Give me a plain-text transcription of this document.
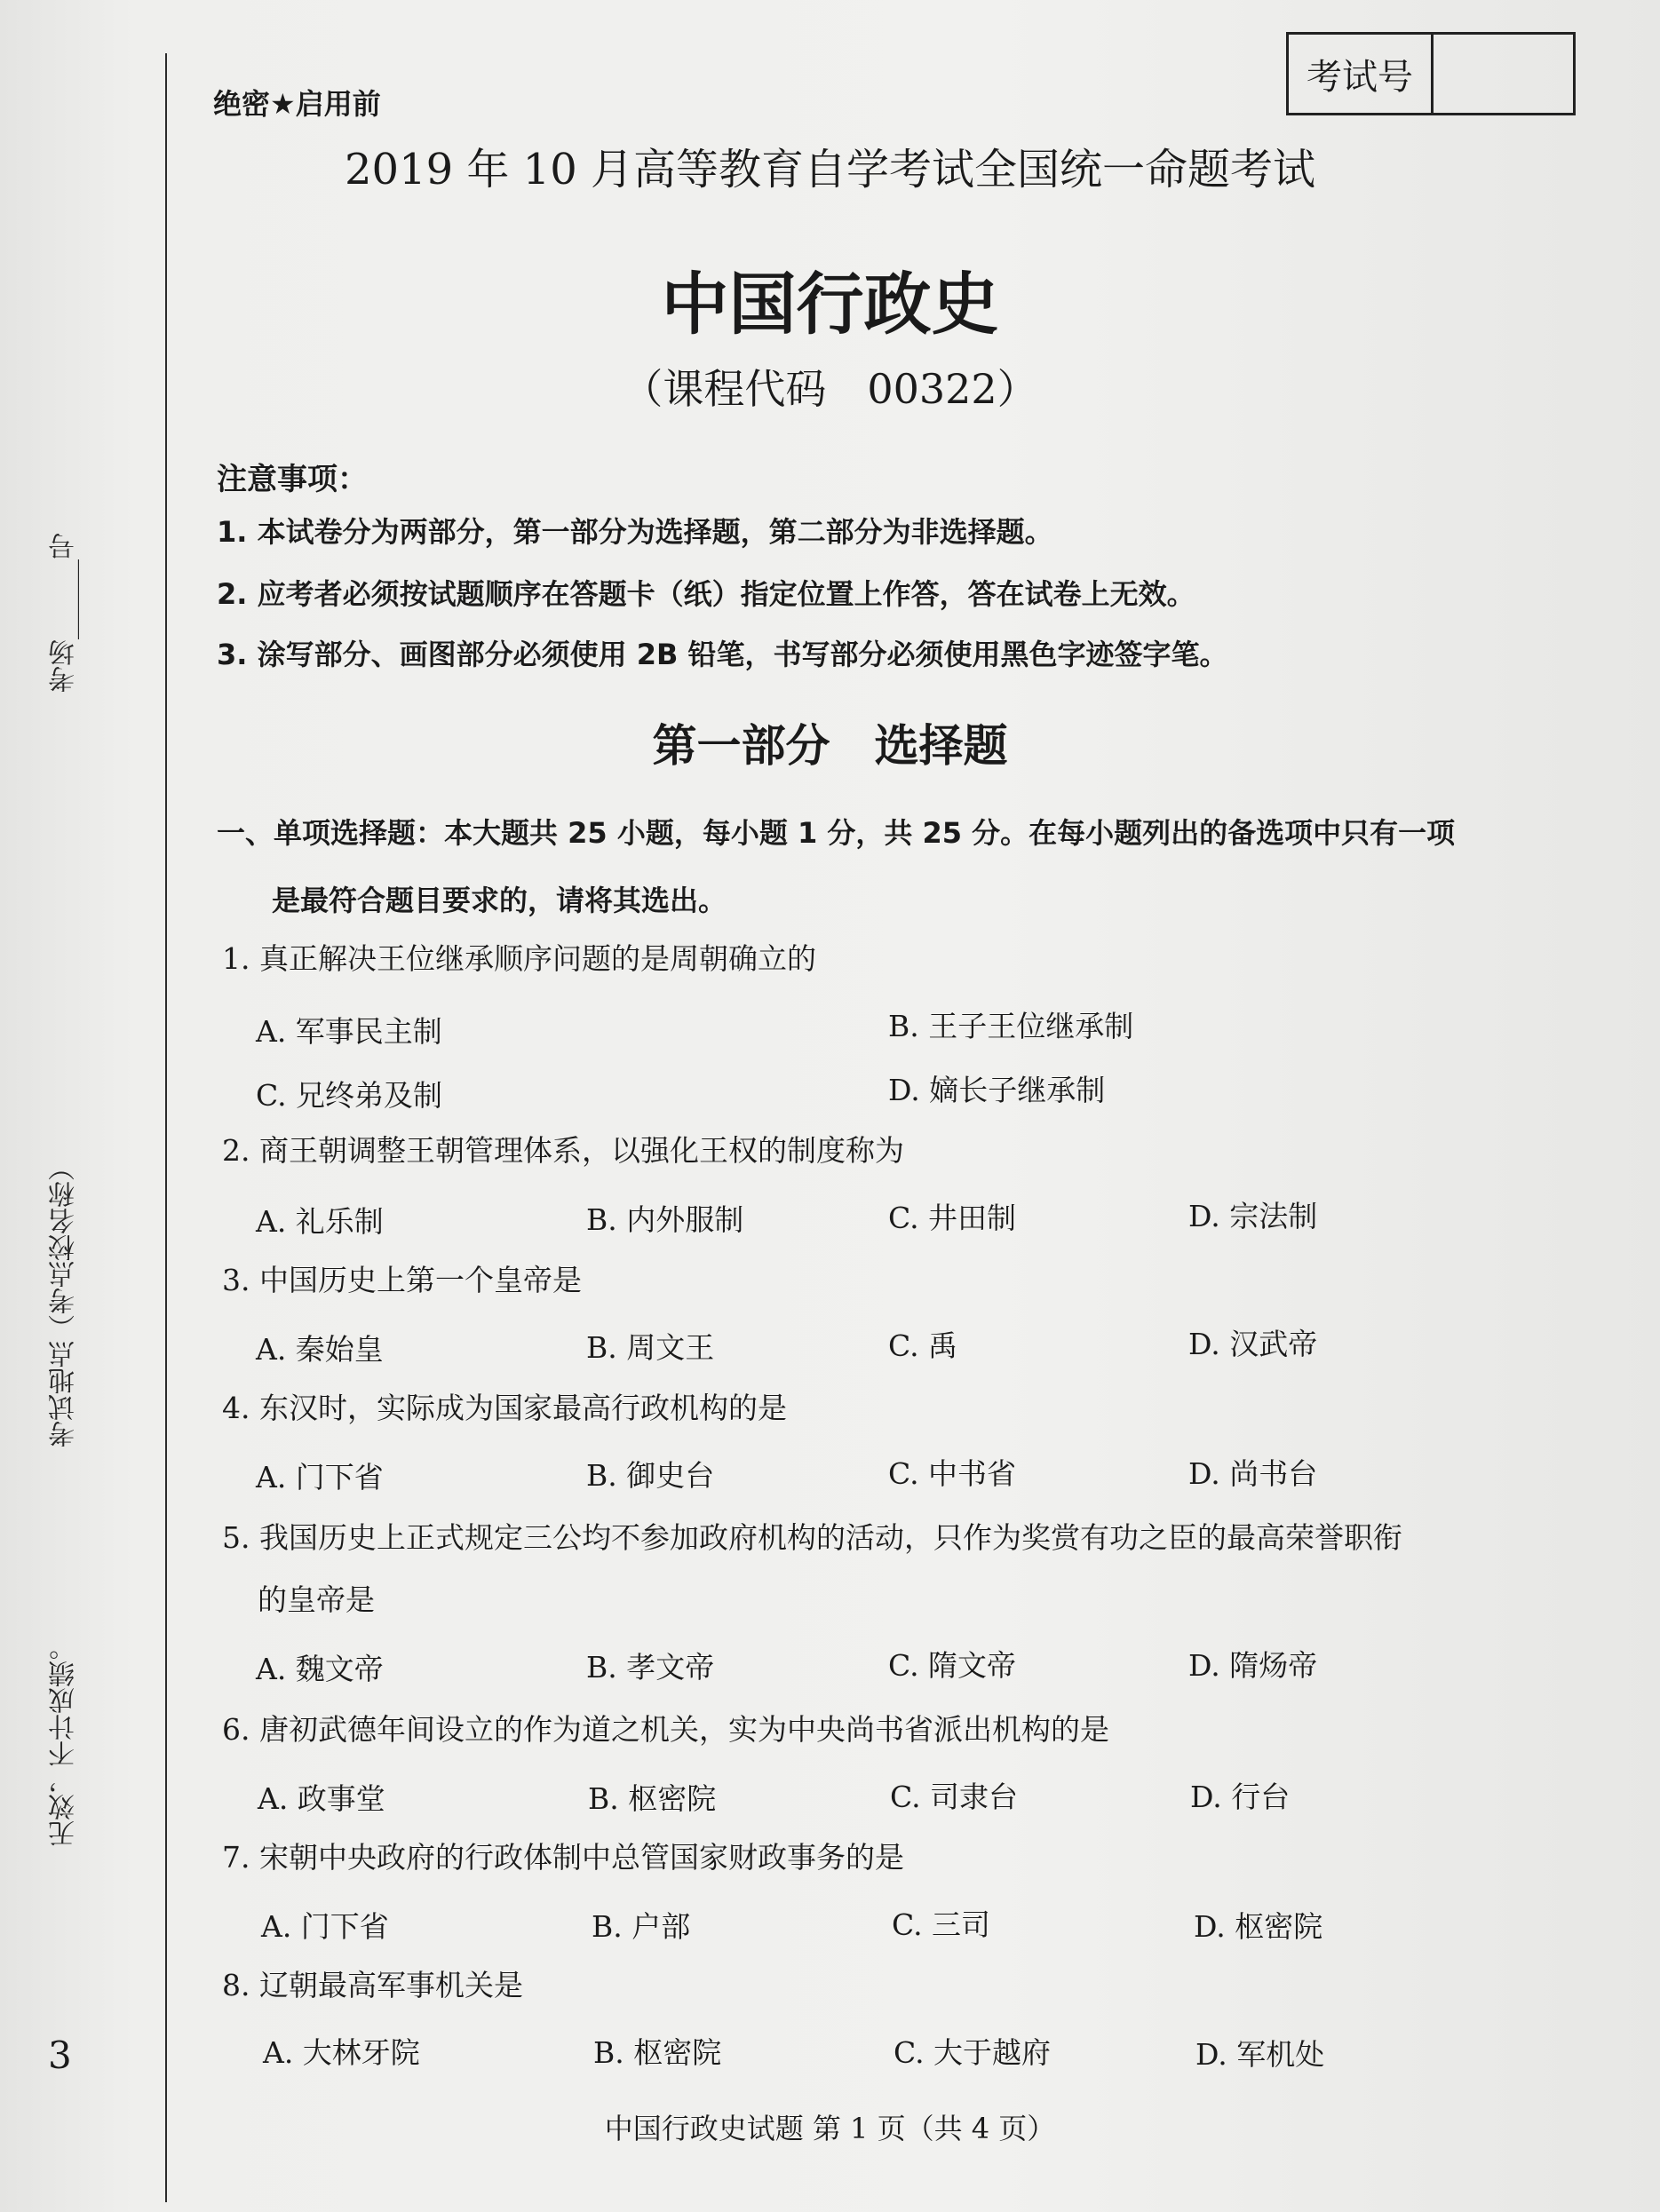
考场______号
考试地点（考点校名称）
无效，不计成绩。
3
绝密★启用前
考试号
2019 年 10 月高等教育自学考试全国统一命题考试
中国行政史
（课程代码　00322）
注意事项：
1. 本试卷分为两部分，第一部分为选择题，第二部分为非选择题。
2. 应考者必须按试题顺序在答题卡（纸）指定位置上作答，答在试卷上无效。
3. 涂写部分、画图部分必须使用 2B 铅笔，书写部分必须使用黑色字迹签字笔。
第一部分　选择题
一、单项选择题：本大题共 25 小题，每小题 1 分，共 25 分。在每小题列出的备选项中只有一项
是最符合题目要求的，请将其选出。
1. 真正解决王位继承顺序问题的是周朝确立的
A. 军事民主制	B. 王子王位继承制
C. 兄终弟及制	D. 嫡长子继承制
2. 商王朝调整王朝管理体系，以强化王权的制度称为
A. 礼乐制	B. 内外服制	C. 井田制	D. 宗法制
3. 中国历史上第一个皇帝是
A. 秦始皇	B. 周文王	C. 禹	D. 汉武帝
4. 东汉时，实际成为国家最高行政机构的是
A. 门下省	B. 御史台	C. 中书省	D. 尚书台
5. 我国历史上正式规定三公均不参加政府机构的活动，只作为奖赏有功之臣的最高荣誉职衔
的皇帝是
A. 魏文帝	B. 孝文帝	C. 隋文帝	D. 隋炀帝
6. 唐初武德年间设立的作为道之机关，实为中央尚书省派出机构的是
A. 政事堂	B. 枢密院	C. 司隶台	D. 行台
7. 宋朝中央政府的行政体制中总管国家财政事务的是
A. 门下省	B. 户部	C. 三司	D. 枢密院
8. 辽朝最高军事机关是
A. 大林牙院	B. 枢密院	C. 大于越府	D. 军机处
中国行政史试题 第 1 页（共 4 页）
